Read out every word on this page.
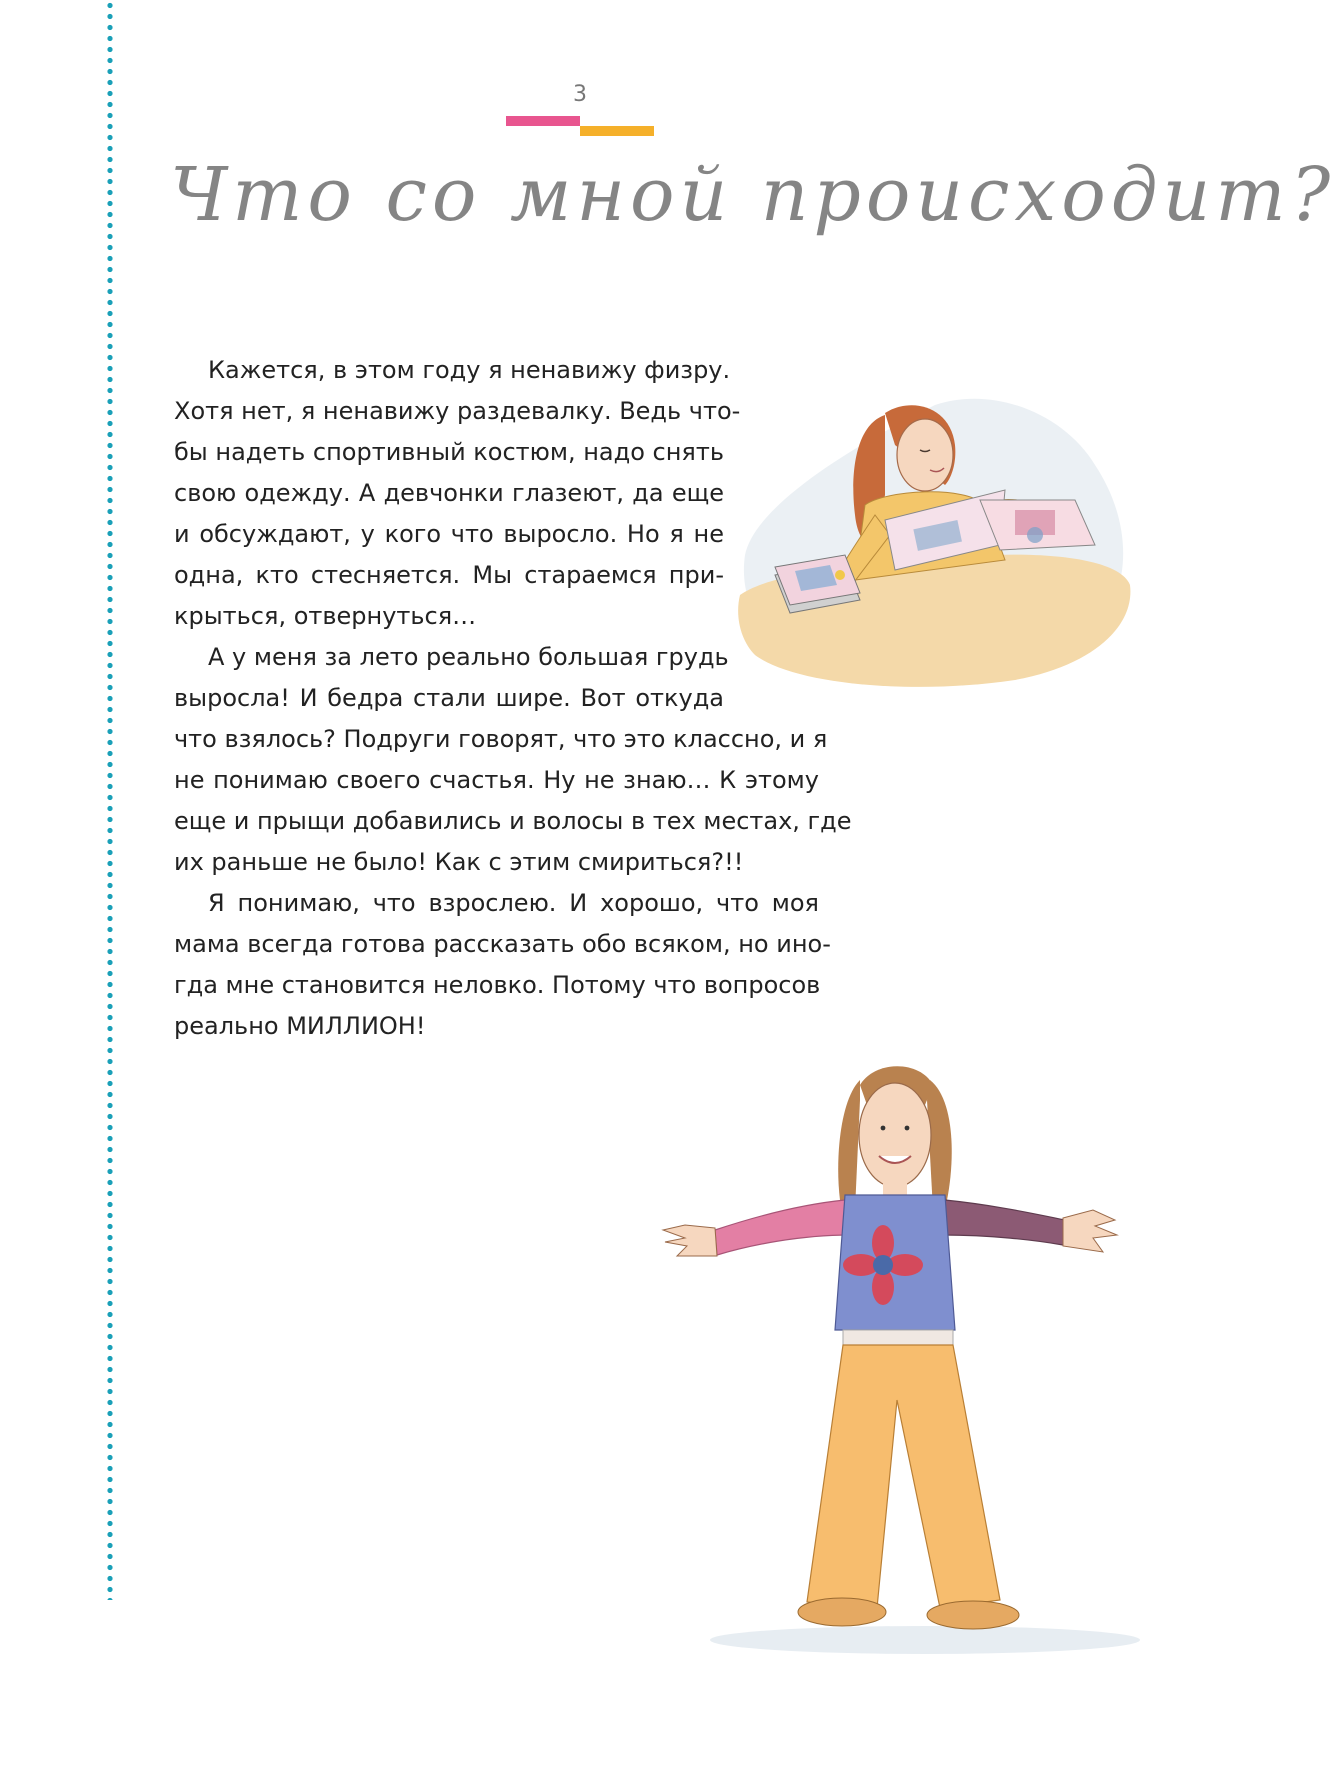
3
Что со мной происходит?
Кажется, в этом году я ненавижу физру.
Хотя нет, я ненавижу раздевалку. Ведь что-
бы надеть спортивный костюм, надо снять
свою одежду. А девчонки глазеют, да еще
и обсуждают, у кого что выросло. Но я не
одна, кто стесняется. Мы стараемся при-
крыться, отвернуться…
А у меня за лето реально большая грудь
выросла! И бедра стали шире. Вот откуда
что взялось? Подруги говорят, что это классно, и я
не понимаю своего счастья. Ну не знаю… К этому
еще и прыщи добавились и волосы в тех местах, где
их раньше не было! Как с этим смириться?!!
Я понимаю, что взрослею. И хорошо, что моя
мама всегда готова рассказать обо всяком, но ино-
гда мне становится неловко. Потому что вопросов
реально МИЛЛИОН!
